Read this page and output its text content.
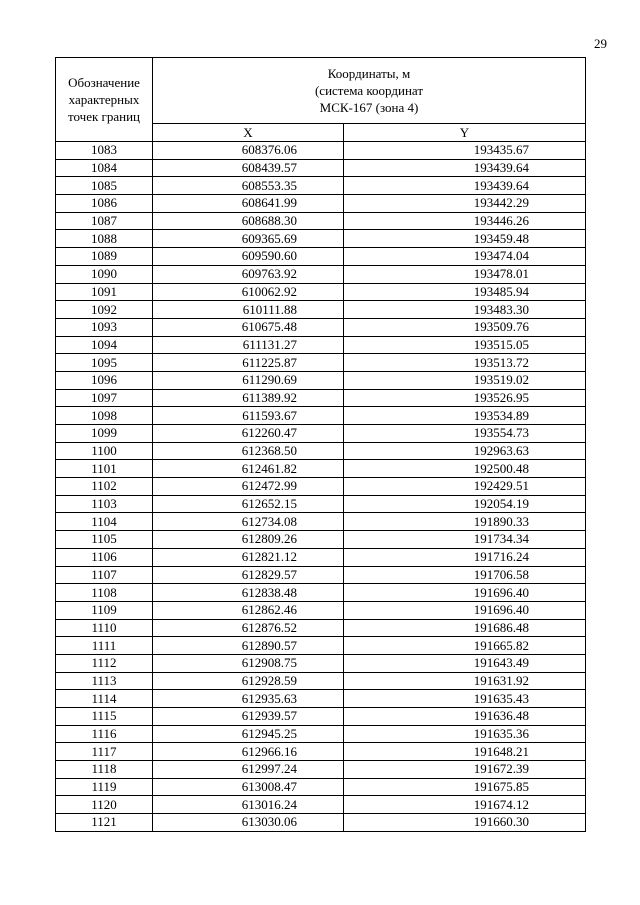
29
Обозначение
характерных
точек границ	Координаты, м
(система координат
МСК-167 (зона 4)	

	X	Y
1083	608376.06	193435.67
1084	608439.57	193439.64
1085	608553.35	193439.64
1086	608641.99	193442.29
1087	608688.30	193446.26
1088	609365.69	193459.48
1089	609590.60	193474.04
1090	609763.92	193478.01
1091	610062.92	193485.94
1092	610111.88	193483.30
1093	610675.48	193509.76
1094	611131.27	193515.05
1095	611225.87	193513.72
1096	611290.69	193519.02
1097	611389.92	193526.95
1098	611593.67	193534.89
1099	612260.47	193554.73
1100	612368.50	192963.63
1101	612461.82	192500.48
1102	612472.99	192429.51
1103	612652.15	192054.19
1104	612734.08	191890.33
1105	612809.26	191734.34
1106	612821.12	191716.24
1107	612829.57	191706.58
1108	612838.48	191696.40
1109	612862.46	191696.40
1110	612876.52	191686.48
1111	612890.57	191665.82
1112	612908.75	191643.49
1113	612928.59	191631.92
1114	612935.63	191635.43
1115	612939.57	191636.48
1116	612945.25	191635.36
1117	612966.16	191648.21
1118	612997.24	191672.39
1119	613008.47	191675.85
1120	613016.24	191674.12
1121	613030.06	191660.30
